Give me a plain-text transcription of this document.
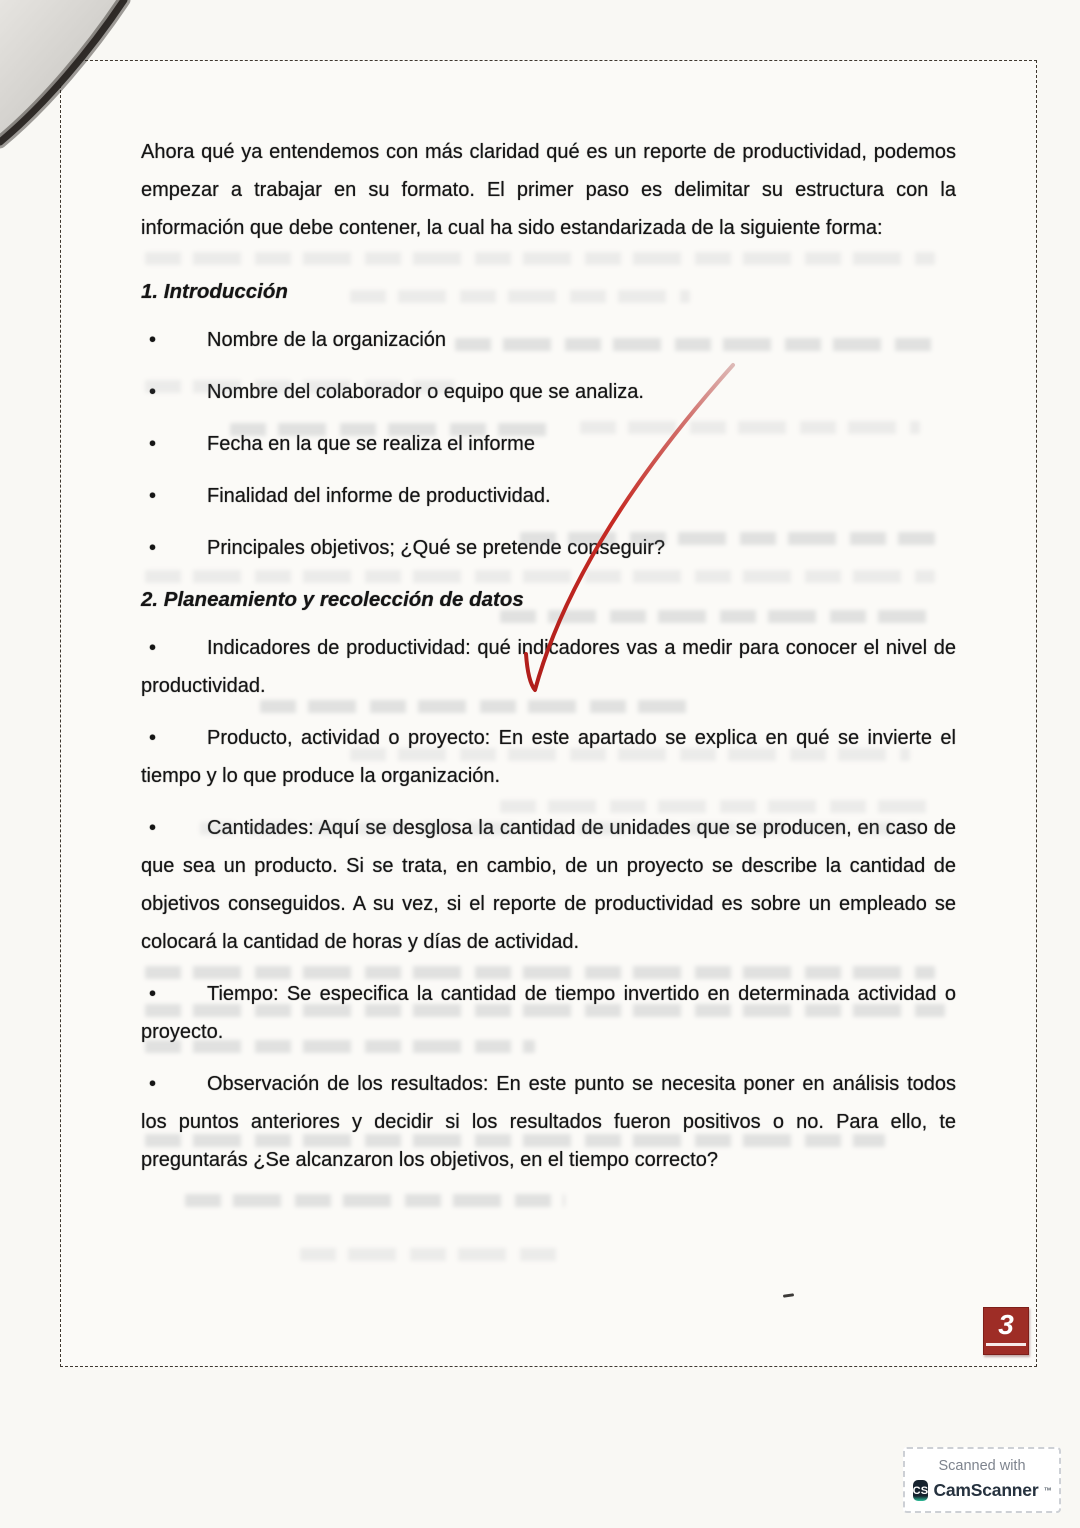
Ahora qué ya entendemos con más claridad qué es un reporte de productividad, podemos empezar a trabajar en su formato. El primer paso es delimitar su estructura con la información que debe contener, la cual ha sido estandarizada de la siguiente forma:

1. Introducción
•	Nombre de la organización
•	Nombre del colaborador o equipo que se analiza.
•	Fecha en la que se realiza el informe
•	Finalidad del informe de productividad.
•	Principales objetivos; ¿Qué se pretende conseguir?
2. Planeamiento y recolección de datos
•	Indicadores de productividad: qué indicadores vas a medir para conocer el nivel de productividad.
•	Producto, actividad o proyecto: En este apartado se explica en qué se invierte el tiempo y lo que produce la organización.
•	Cantidades: Aquí se desglosa la cantidad de unidades que se producen, en caso de que sea un producto. Si se trata, en cambio, de un proyecto se describe la cantidad de objetivos conseguidos. A su vez, si el reporte de productividad es sobre un empleado se colocará la cantidad de horas y días de actividad.
•	Tiempo: Se especifica la cantidad de tiempo invertido en determinada actividad o proyecto.
•	Observación de los resultados: En este punto se necesita poner en análisis todos los puntos anteriores y decidir si los resultados fueron positivos o no. Para ello, te preguntarás ¿Se alcanzaron los objetivos, en el tiempo correcto?
3
Scanned with
CS CamScanner ™
